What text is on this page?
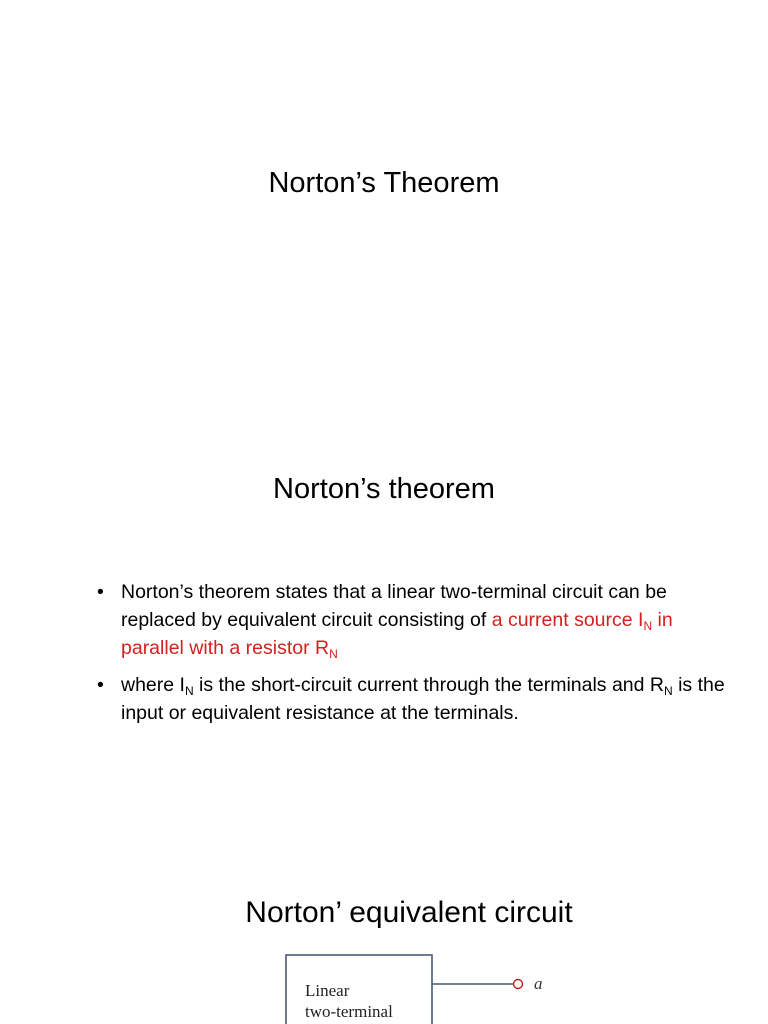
Norton’s Theorem
Norton’s theorem
• Norton’s theorem states that a linear two-terminal circuit can be replaced by equivalent circuit consisting of a current source $I_N$ in parallel with a resistor $R_N$
• where $I_N$ is the short-circuit current through the terminals and $R_N$ is the input or equivalent resistance at the terminals.
Norton’ equivalent circuit
a
Linear
two-terminal
